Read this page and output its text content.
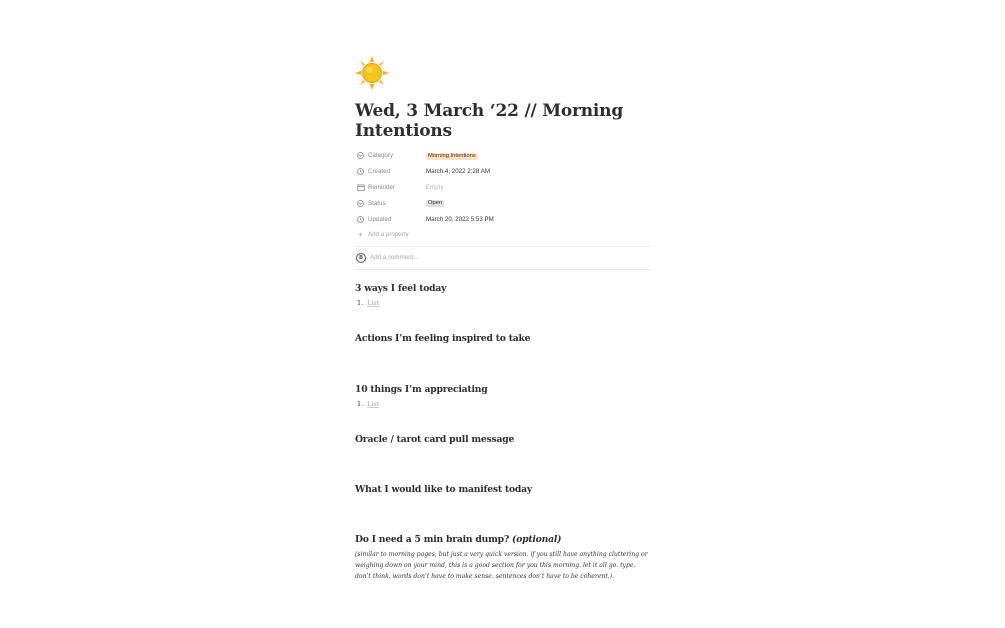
Wed, 3 March ‘22 // Morning Intentions
Category	Morning Intentions
Created	March 4, 2022 2:28 AM
Reminder	Empty
Status	Open
Updated	March 20, 2022 5:53 PM
+ Add a property
B	Add a comment...
3 ways I feel today
1. List
Actions I’m feeling inspired to take
10 things I’m appreciating
1. List
Oracle / tarot card pull message
What I would like to manifest today
Do I need a 5 min brain dump? (optional)
(similar to morning pages, but just a very quick version. if you still have anything cluttering or weighing down on your mind, this is a good section for you this morning. let it all go. type. don’t think. words don’t have to make sense. sentences don’t have to be coherent.).
